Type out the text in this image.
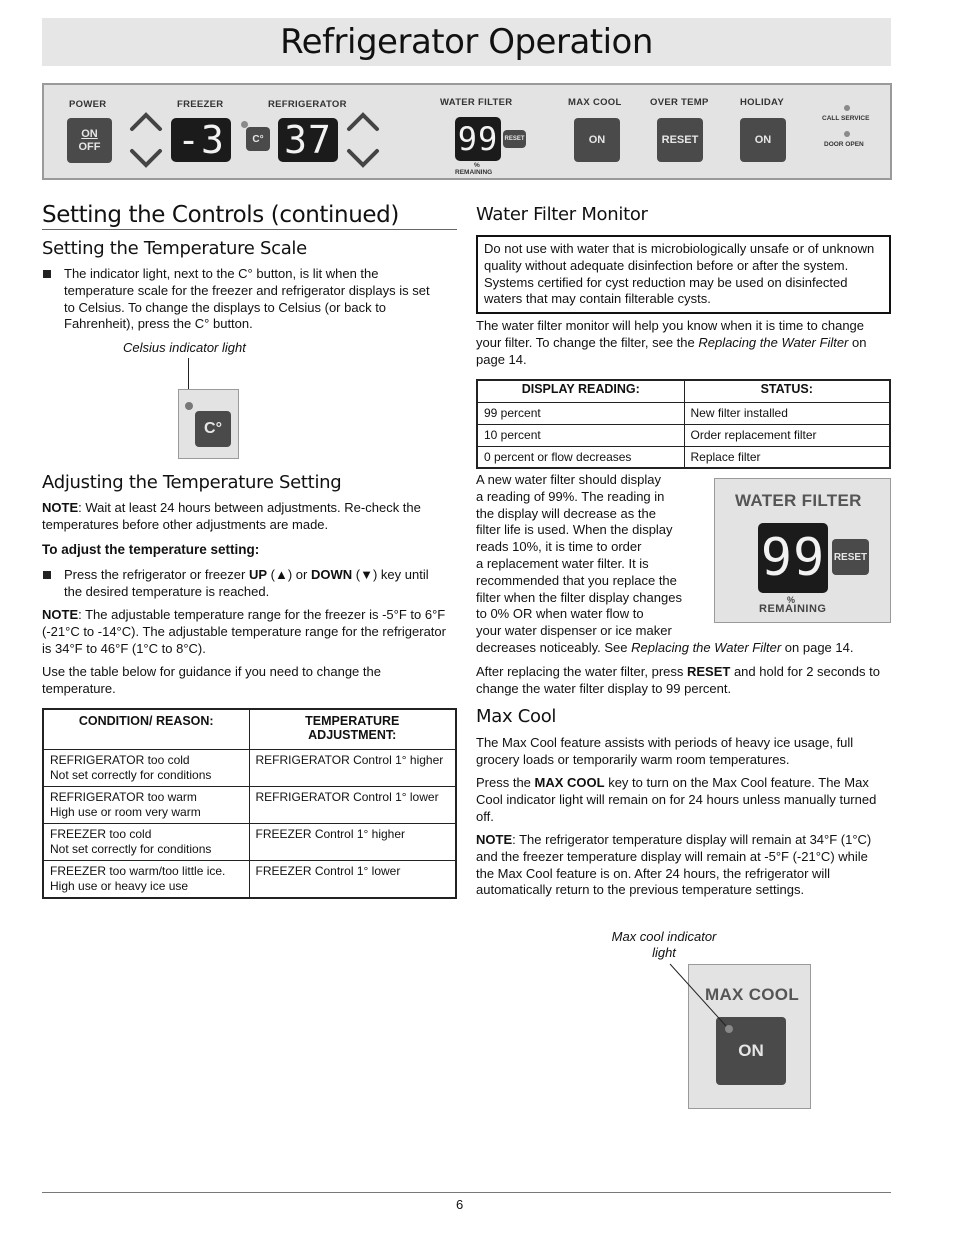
Refrigerator Operation
POWER
ON
OFF
FREEZER
-3	C°
REFRIGERATOR
37
WATER FILTER
99	RESET
%
REMAINING
MAX COOL
ON
OVER TEMP
RESET
HOLIDAY
ON
CALL SERVICE
DOOR OPEN
Setting the Controls (continued)
Setting the Temperature Scale
The indicator light, next to the C° button, is lit when the temperature scale for the freezer and refrigerator displays is set to Celsius. To change the displays to Celsius (or back to Fahrenheit), press the C° button.
Celsius indicator light
C°
Adjusting the Temperature Setting
NOTE: Wait at least 24 hours between adjustments. Re-check the temperatures before other adjustments are made.
To adjust the temperature setting:
Press the refrigerator or freezer UP (▲) or DOWN (▼) key until the desired temperature is reached.
NOTE: The adjustable temperature range for the freezer is -5°F to 6°F (-21°C to -14°C). The adjustable temperature range for the refrigerator is 34°F to 46°F (1°C to 8°C).
Use the table below for guidance if you need to change the temperature.
CONDITION/ REASON:	TEMPERATURE ADJUSTMENT:

REFRIGERATOR too cold
Not set correctly for conditions	REFRIGERATOR Control 1° higher

REFRIGERATOR too warm
High use or room very warm	REFRIGERATOR Control 1° lower

FREEZER too cold
Not set correctly for conditions	FREEZER Control 1° higher

FREEZER too warm/too little ice.
High use or heavy ice use	FREEZER Control 1° lower
Water Filter Monitor
Do not use with water that is microbiologically unsafe or of unknown quality without adequate disinfection before or after the system. Systems certified for cyst reduction may be used on disinfected waters that may contain filterable cysts.
The water filter monitor will help you know when it is time to change your filter. To change the filter, see the Replacing the Water Filter on page 14.
DISPLAY READING:	STATUS:
99 percent	New filter installed
10 percent	Order replacement filter
0 percent or flow decreases	Replace filter
A new water filter should display
a reading of 99%. The reading in
the display will decrease as the
filter life is used. When the display
reads 10%, it is time to order
a replacement water filter. It is
recommended that you replace the
filter when the filter display changes
to 0% OR when water flow to
your water dispenser or ice maker
decreases noticeably. See Replacing the Water Filter on page 14.
WATER FILTER
99 RESET
%
REMAINING
After replacing the water filter, press RESET and hold for 2 seconds to change the water filter display to 99 percent.
Max Cool
The Max Cool feature assists with periods of heavy ice usage, full grocery loads or temporarily warm room temperatures.
Press the MAX COOL key to turn on the Max Cool feature. The Max Cool indicator light will remain on for 24 hours unless manually turned off.
NOTE: The refrigerator temperature display will remain at 34°F (1°C) and the freezer temperature display will remain at -5°F (-21°C) while the Max Cool feature is on. After 24 hours, the refrigerator will automatically return to the previous temperature settings.
Max cool indicator light
MAX COOL
ON
6
